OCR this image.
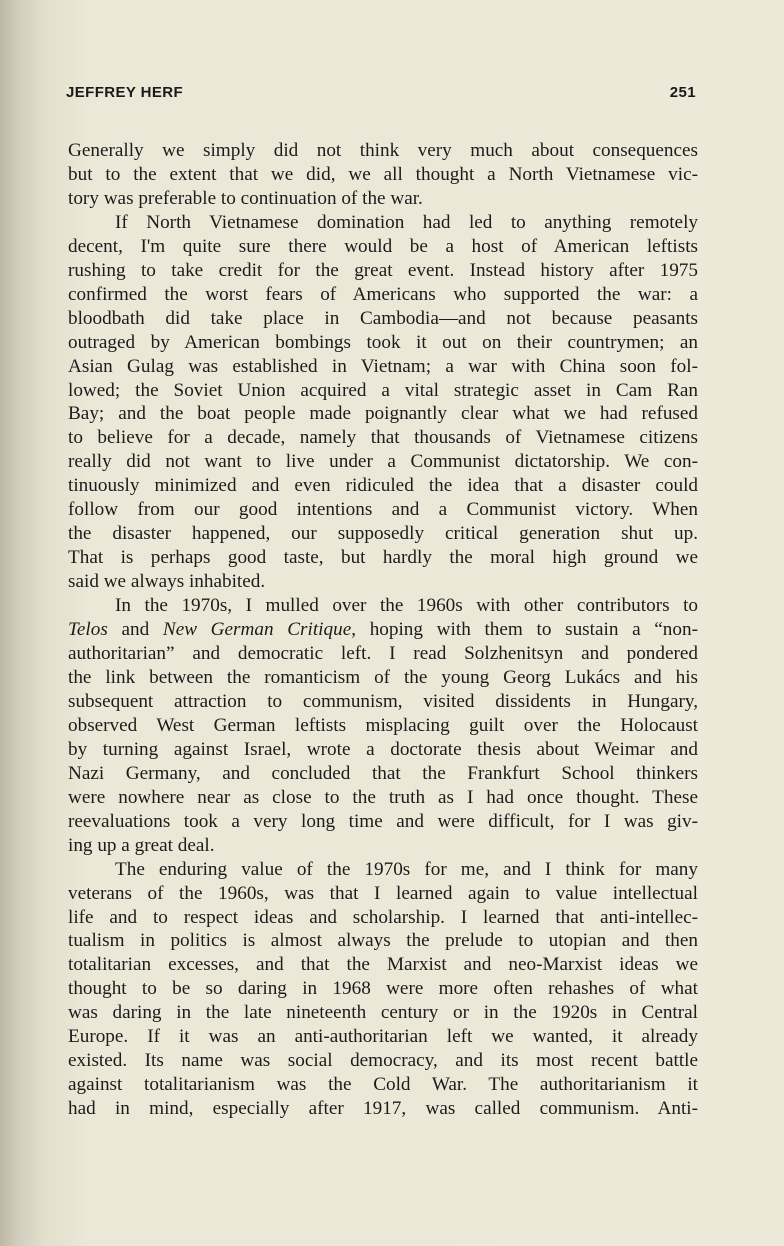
JEFFREY HERF	251
Generally we simply did not think very much about consequences
but to the extent that we did, we all thought a North Vietnamese vic-
tory was preferable to continuation of the war.
If North Vietnamese domination had led to anything remotely
decent, I'm quite sure there would be a host of American leftists
rushing to take credit for the great event. Instead history after 1975
confirmed the worst fears of Americans who supported the war: a
bloodbath did take place in Cambodia—and not because peasants
outraged by American bombings took it out on their countrymen; an
Asian Gulag was established in Vietnam; a war with China soon fol-
lowed; the Soviet Union acquired a vital strategic asset in Cam Ran
Bay; and the boat people made poignantly clear what we had refused
to believe for a decade, namely that thousands of Vietnamese citizens
really did not want to live under a Communist dictatorship. We con-
tinuously minimized and even ridiculed the idea that a disaster could
follow from our good intentions and a Communist victory. When
the disaster happened, our supposedly critical generation shut up.
That is perhaps good taste, but hardly the moral high ground we
said we always inhabited.
In the 1970s, I mulled over the 1960s with other contributors to
Telos and New German Critique, hoping with them to sustain a “non-
authoritarian” and democratic left. I read Solzhenitsyn and pondered
the link between the romanticism of the young Georg Lukács and his
subsequent attraction to communism, visited dissidents in Hungary,
observed West German leftists misplacing guilt over the Holocaust
by turning against Israel, wrote a doctorate thesis about Weimar and
Nazi Germany, and concluded that the Frankfurt School thinkers
were nowhere near as close to the truth as I had once thought. These
reevaluations took a very long time and were difficult, for I was giv-
ing up a great deal.
The enduring value of the 1970s for me, and I think for many
veterans of the 1960s, was that I learned again to value intellectual
life and to respect ideas and scholarship. I learned that anti-intellec-
tualism in politics is almost always the prelude to utopian and then
totalitarian excesses, and that the Marxist and neo-Marxist ideas we
thought to be so daring in 1968 were more often rehashes of what
was daring in the late nineteenth century or in the 1920s in Central
Europe. If it was an anti-authoritarian left we wanted, it already
existed. Its name was social democracy, and its most recent battle
against totalitarianism was the Cold War. The authoritarianism it
had in mind, especially after 1917, was called communism. Anti-
